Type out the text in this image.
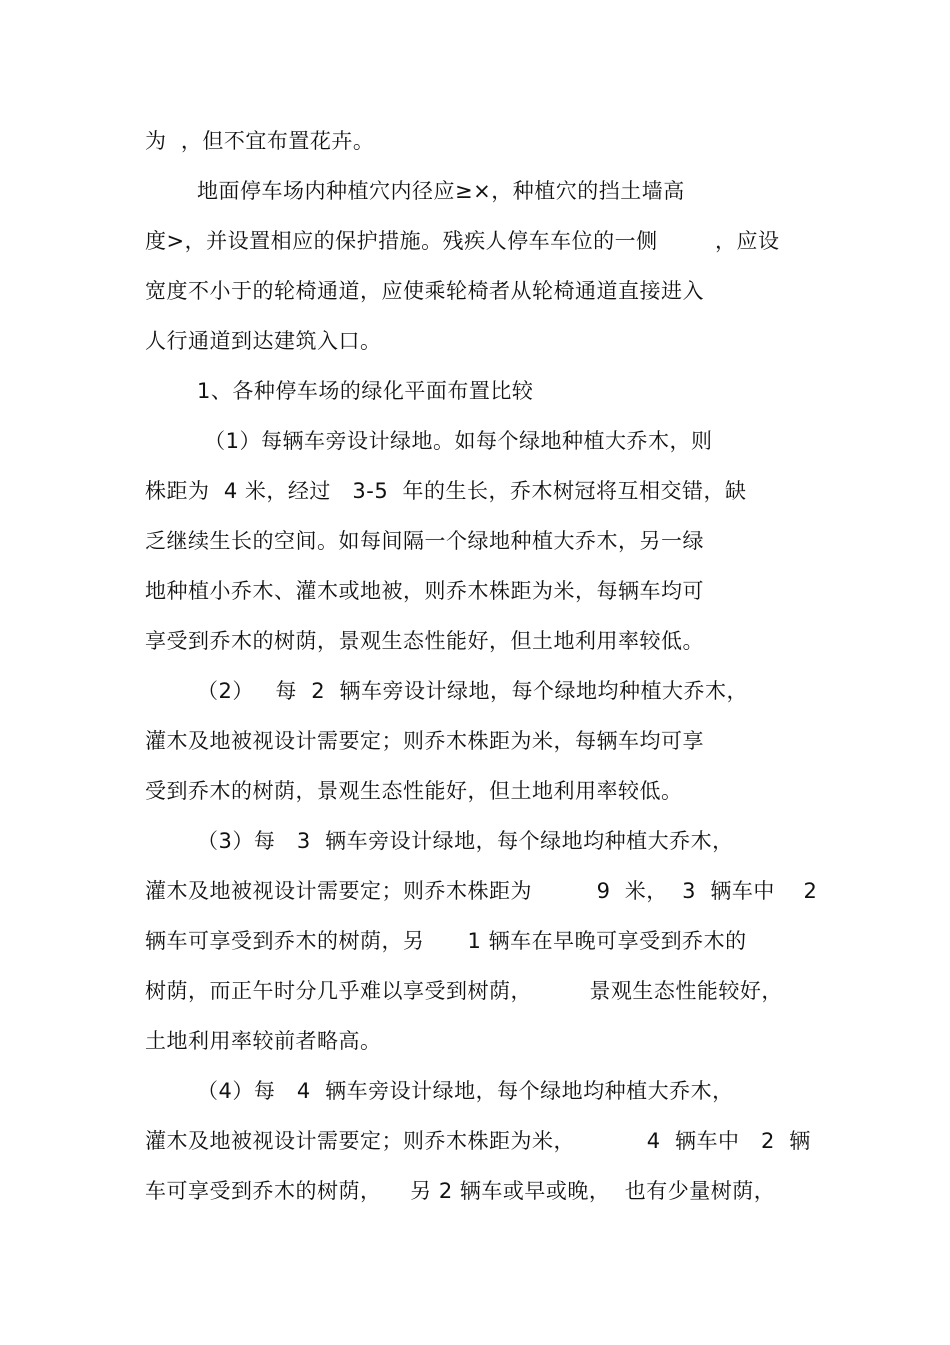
为  ，但不宜布置花卉。
地面停车场内种植穴内径应≥×，种植穴的挡土墙高
度>，并设置相应的保护措施。残疾人停车车位的一侧        ，应设
宽度不小于的轮椅通道，应使乘轮椅者从轮椅通道直接进入
人行通道到达建筑入口。
1、各种停车场的绿化平面布置比较
（1）每辆车旁设计绿地。如每个绿地种植大乔木，则
株距为  4 米，经过   3-5  年的生长，乔木树冠将互相交错，缺
乏继续生长的空间。如每间隔一个绿地种植大乔木，另一绿
地种植小乔木、灌木或地被，则乔木株距为米，每辆车均可
享受到乔木的树荫，景观生态性能好，但土地利用率较低。
（2）   每  2  辆车旁设计绿地，每个绿地均种植大乔木，
灌木及地被视设计需要定；则乔木株距为米，每辆车均可享
受到乔木的树荫，景观生态性能好，但土地利用率较低。
（3）每   3  辆车旁设计绿地，每个绿地均种植大乔木，
灌木及地被视设计需要定；则乔木株距为         9  米，  3  辆车中    2
辆车可享受到乔木的树荫，另      1 辆车在早晚可享受到乔木的
树荫，而正午时分几乎难以享受到树荫，        景观生态性能较好，
土地利用率较前者略高。
（4）每   4  辆车旁设计绿地，每个绿地均种植大乔木，
灌木及地被视设计需要定；则乔木株距为米，          4  辆车中   2  辆
车可享受到乔木的树荫，    另 2 辆车或早或晚，  也有少量树荫，
